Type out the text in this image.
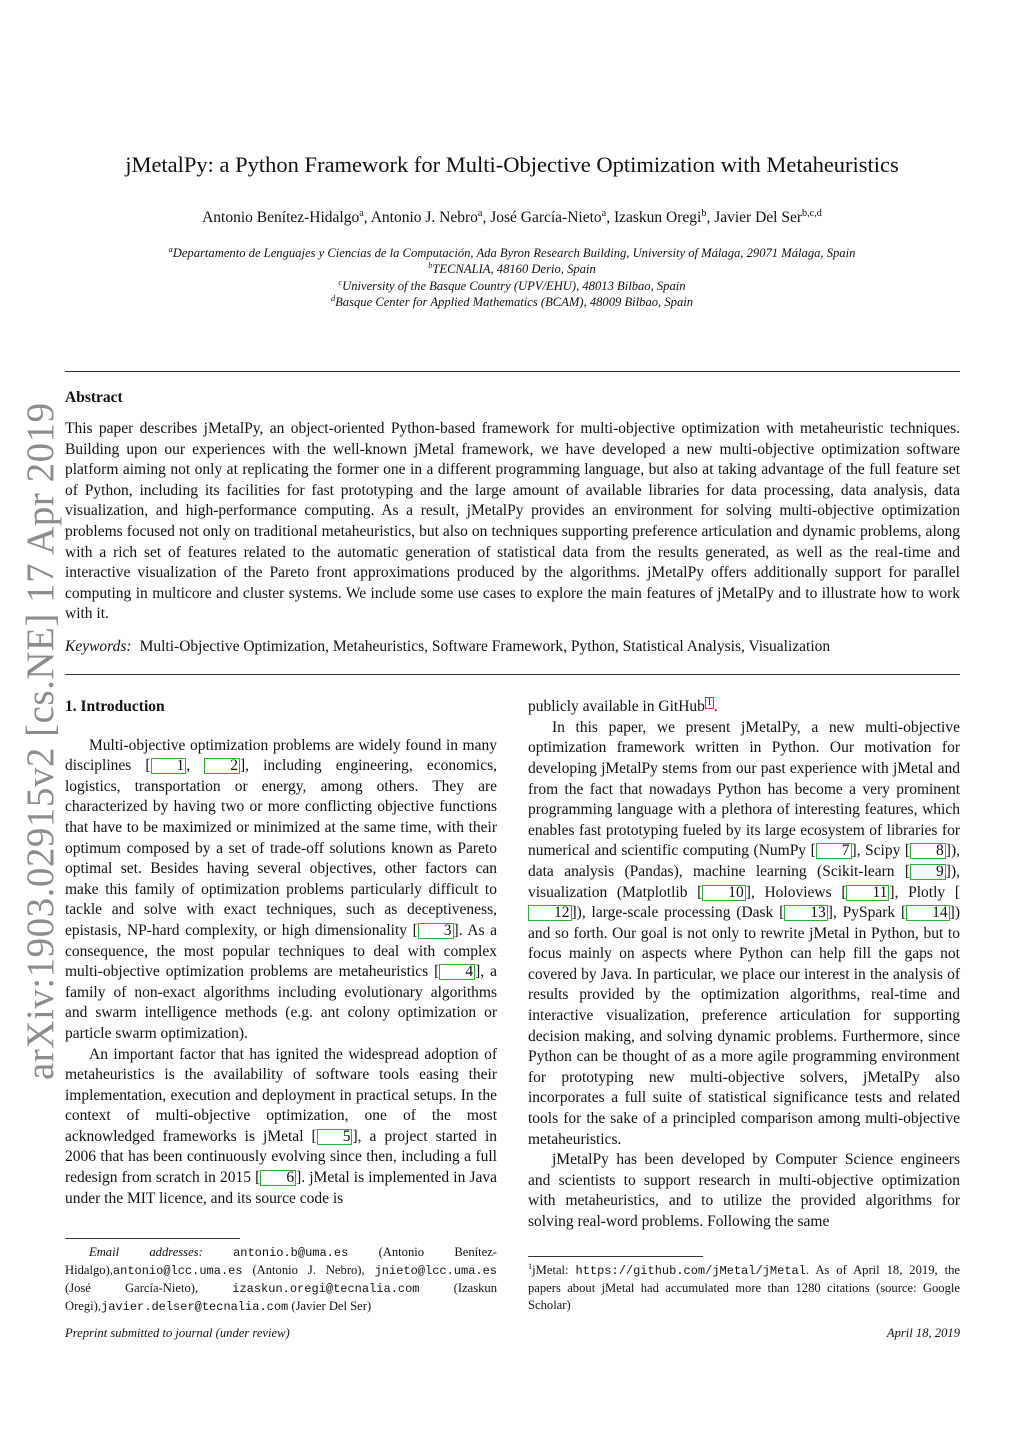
arXiv:1903.02915v2 [cs.NE] 17 Apr 2019
jMetalPy: a Python Framework for Multi-Objective Optimization with Metaheuristics
Antonio Benítez-Hidalgo$^a$, Antonio J. Nebro$^a$, José García-Nieto$^a$, Izaskun Oregi$^b$, Javier Del Ser$^{b,c,d}$
$^a$Departamento de Lenguajes y Ciencias de la Computación, Ada Byron Research Building, University of Málaga, 29071 Málaga, Spain
$^b$TECNALIA, 48160 Derio, Spain
$^c$University of the Basque Country (UPV/EHU), 48013 Bilbao, Spain
$^d$Basque Center for Applied Mathematics (BCAM), 48009 Bilbao, Spain
Abstract
This paper describes jMetalPy, an object-oriented Python-based framework for multi-objective optimization with metaheuristic techniques. Building upon our experiences with the well-known jMetal framework, we have developed a new multi-objective optimization software platform aiming not only at replicating the former one in a different programming language, but also at taking advantage of the full feature set of Python, including its facilities for fast prototyping and the large amount of available libraries for data processing, data analysis, data visualization, and high-performance computing. As a result, jMetalPy provides an environment for solving multi-objective optimization problems focused not only on traditional metaheuristics, but also on techniques supporting preference articulation and dynamic problems, along with a rich set of features related to the automatic generation of statistical data from the results generated, as well as the real-time and interactive visualization of the Pareto front approximations produced by the algorithms. jMetalPy offers additionally support for parallel computing in multicore and cluster systems. We include some use cases to explore the main features of jMetalPy and to illustrate how to work with it.
Keywords: Multi-Objective Optimization, Metaheuristics, Software Framework, Python, Statistical Analysis, Visualization
1. Introduction

Multi-objective optimization problems are widely found in many disciplines [ 1 , 2 ], including engineering, economics, logistics, transportation or energy, among others. They are characterized by having two or more conflicting objective functions that have to be maximized or minimized at the same time, with their optimum composed by a set of trade-off solutions known as Pareto optimal set. Besides having several objectives, other factors can make this family of optimization problems particularly difficult to tackle and solve with exact techniques, such as deceptiveness, epistasis, NP-hard complexity, or high dimensionality [ 3 ]. As a consequence, the most popular techniques to deal with complex multi-objective optimization problems are metaheuristics [ 4 ], a family of non-exact algorithms including evolutionary algorithms and swarm intelligence methods (e.g. ant colony optimization or particle swarm optimization).

An important factor that has ignited the widespread adoption of metaheuristics is the availability of software tools easing their implementation, execution and deployment in practical setups. In the context of multi-objective optimization, one of the most acknowledged frameworks is jMetal [ 5 ], a project started in 2006 that has been continuously evolving since then, including a full redesign from scratch in 2015 [ 6 ]. jMetal is implemented in Java under the MIT licence, and its source code is

publicly available in GitHub 1 .

In this paper, we present jMetalPy, a new multi-objective optimization framework written in Python. Our motivation for developing jMetalPy stems from our past experience with jMetal and from the fact that nowadays Python has become a very prominent programming language with a plethora of interesting features, which enables fast prototyping fueled by its large ecosystem of libraries for numerical and scientific computing (NumPy [ 7 ], Scipy [ 8 ]), data analysis (Pandas), machine learning (Scikit-learn [ 9 ]), visualization (Matplotlib [ 10 ], Holoviews [ 11 ], Plotly [12 ]), large-scale processing (Dask [ 13 ], PySpark [ 14 ]) and so forth. Our goal is not only to rewrite jMetal in Python, but to focus mainly on aspects where Python can help fill the gaps not covered by Java. In particular, we place our interest in the analysis of results provided by the optimization algorithms, real-time and interactive visualization, preference articulation for supporting decision making, and solving dynamic problems. Furthermore, since Python can be thought of as a more agile programming environment for prototyping new multi-objective solvers, jMetalPy also incorporates a full suite of statistical significance tests and related tools for the sake of a principled comparison among multi-objective metaheuristics.

jMetalPy has been developed by Computer Science engineers and scientists to support research in multi-objective optimization with metaheuristics, and to utilize the provided algorithms for solving real-word problems. Following the same

Email addresses: antonio.b@uma.es (Antonio Benítez-Hidalgo),antonio@lcc.uma.es (Antonio J. Nebro), jnieto@lcc.uma.es (José García-Nieto), izaskun.oregi@tecnalia.com (Izaskun Oregi),javier.delser@tecnalia.com (Javier Del Ser)
$^1$jMetal: https://github.com/jMetal/jMetal. As of April 18, 2019, the papers about jMetal had accumulated more than 1280 citations (source: Google Scholar)
Preprint submitted to journal (under review)	April 18, 2019
